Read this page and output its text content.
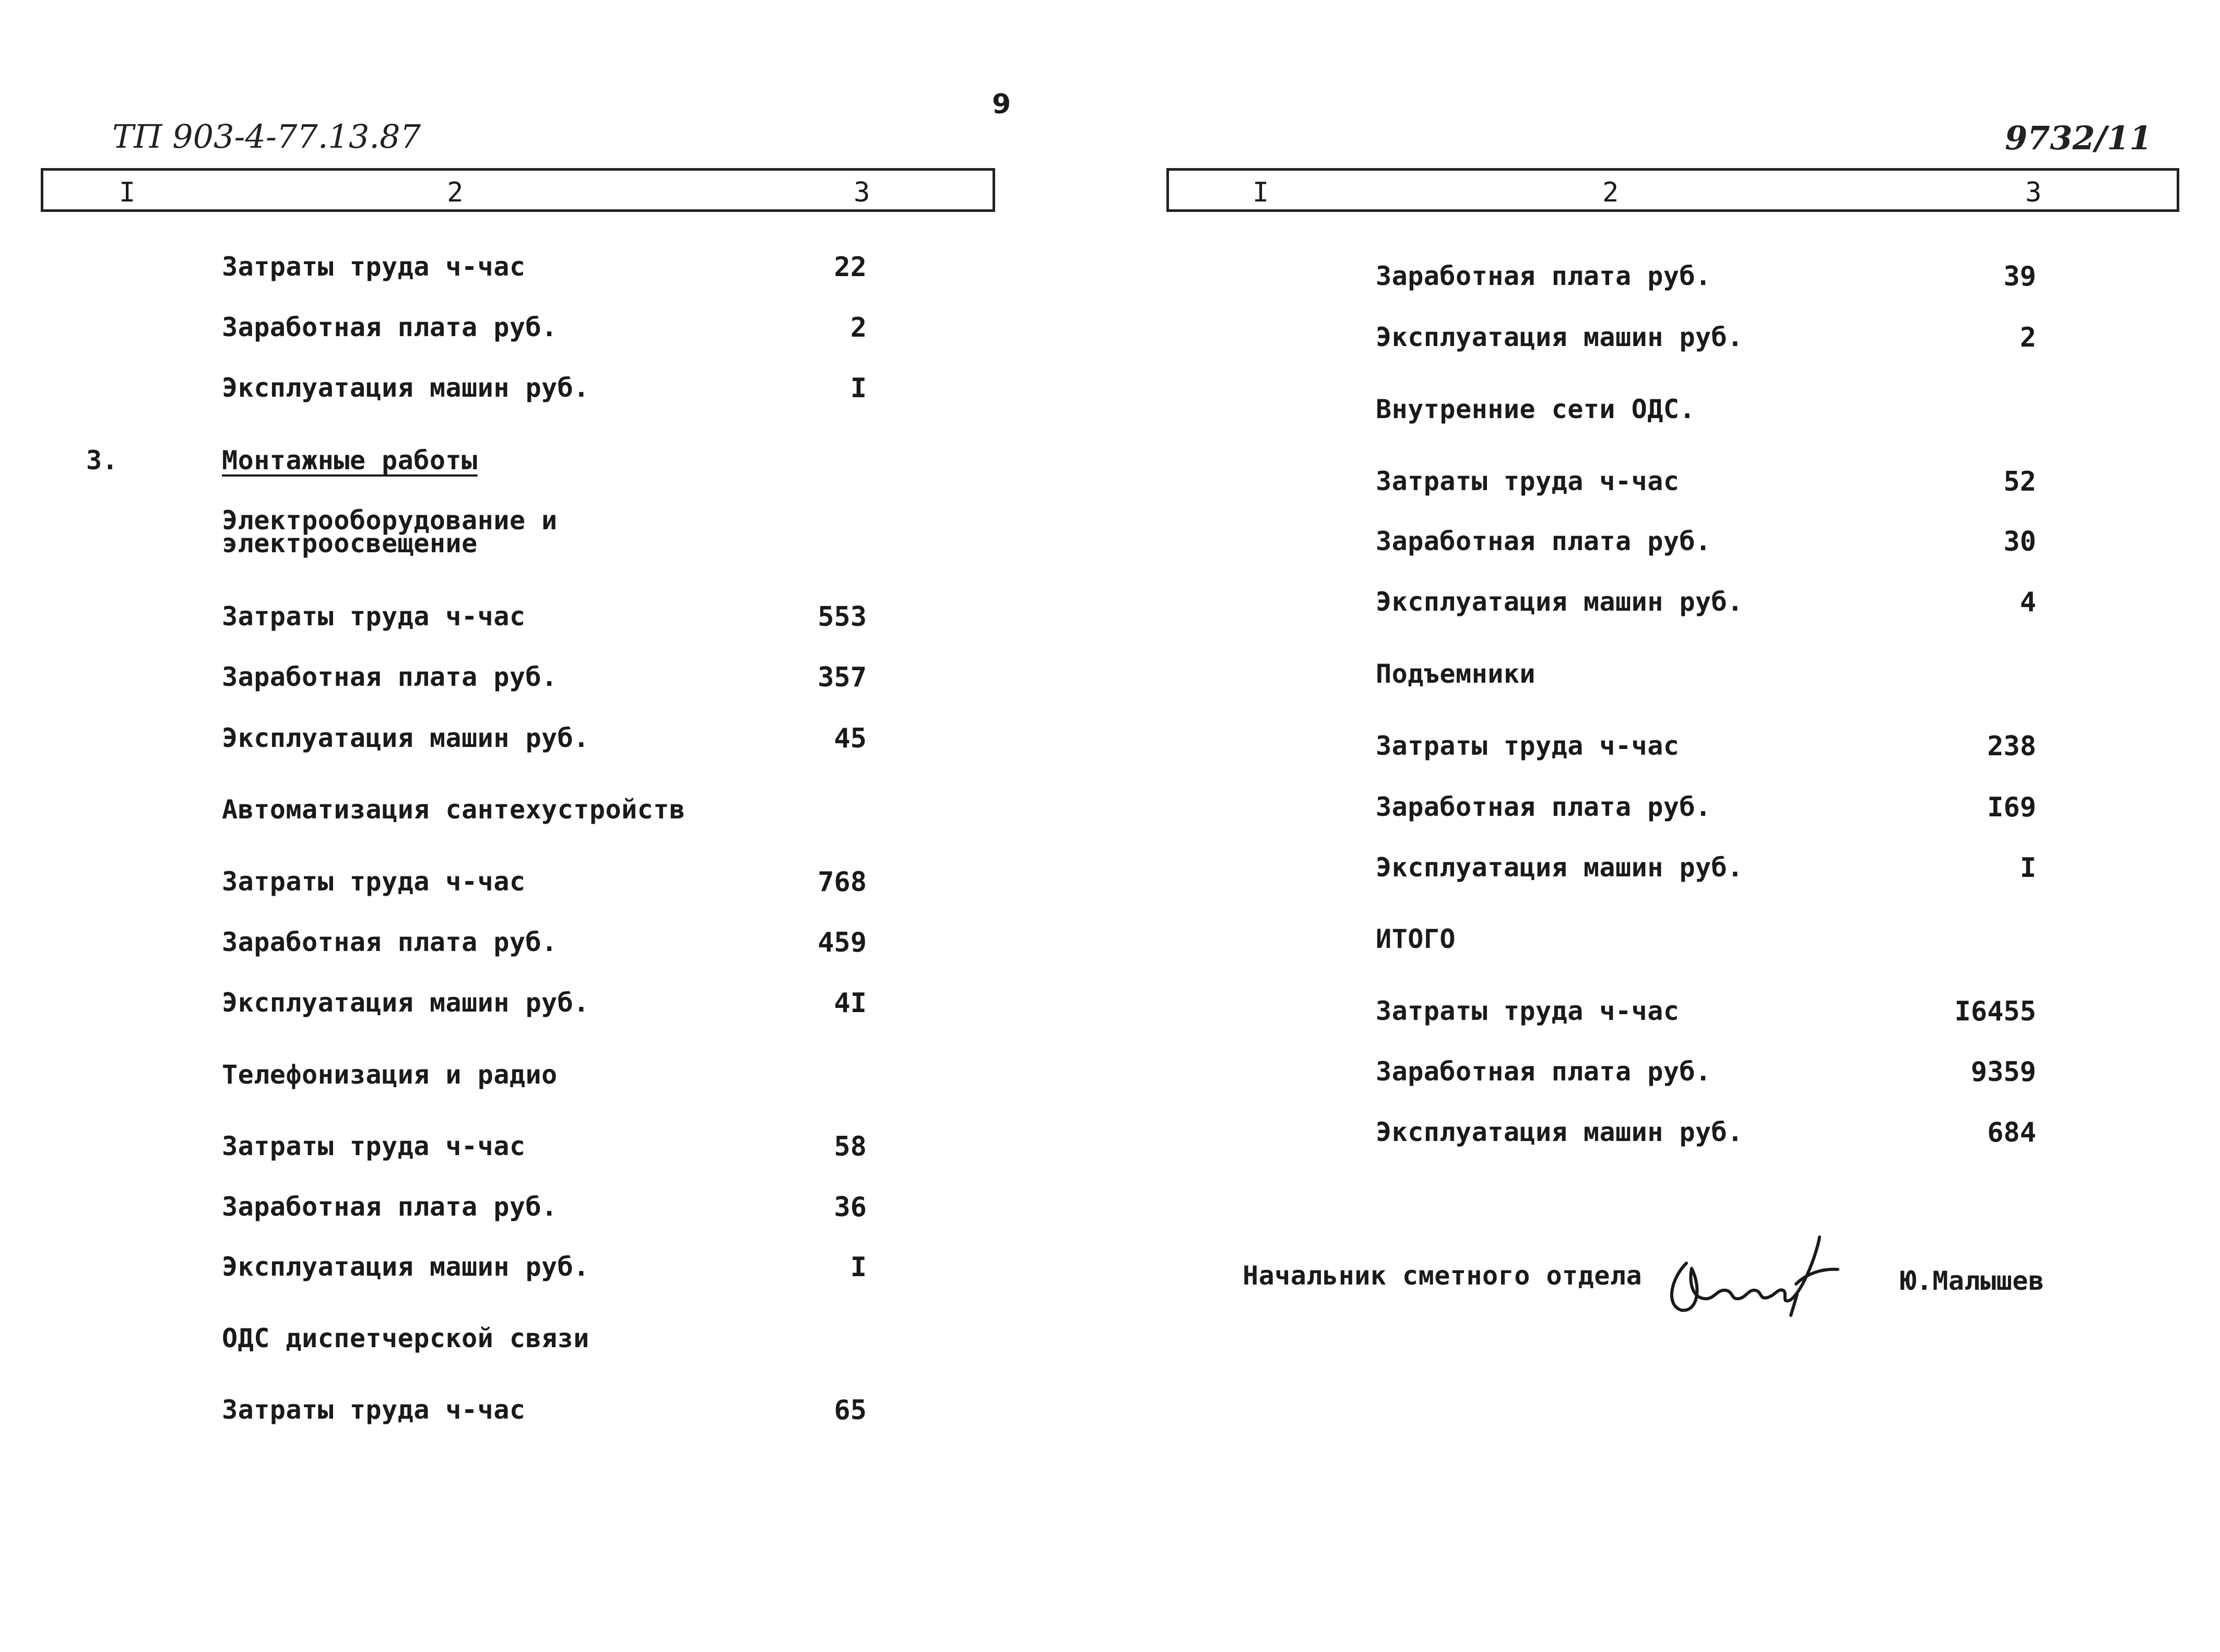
ТП 903-4-77.13.87
9
9732/11
I	2	3	I	2	3
Затраты труда ч-час	22
Заработная плата руб.	2
Эксплуатация машин руб.	I
3.	Монтажные работы
Электрооборудование и
электроосвещение
Затраты труда ч-час	553
Заработная плата руб.	357
Эксплуатация машин руб.	45
Автоматизация сантехустройств
Затраты труда ч-час	768
Заработная плата руб.	459
Эксплуатация машин руб.	4I
Телефонизация и радио
Затраты труда ч-час	58
Заработная плата руб.	36
Эксплуатация машин руб.	I
ОДС диспетчерской связи
Затраты труда ч-час	65
Заработная плата руб.	39
Эксплуатация машин руб.	2
Внутренние сети ОДС.
Затраты труда ч-час	52
Заработная плата руб.	30
Эксплуатация машин руб.	4
Подъемники
Затраты труда ч-час	238
Заработная плата руб.	I69
Эксплуатация машин руб.	I
ИТОГО
Затраты труда ч-час	I6455
Заработная плата руб.	9359
Эксплуатация машин руб.	684
Начальник сметного отдела	Ю.Малышев
